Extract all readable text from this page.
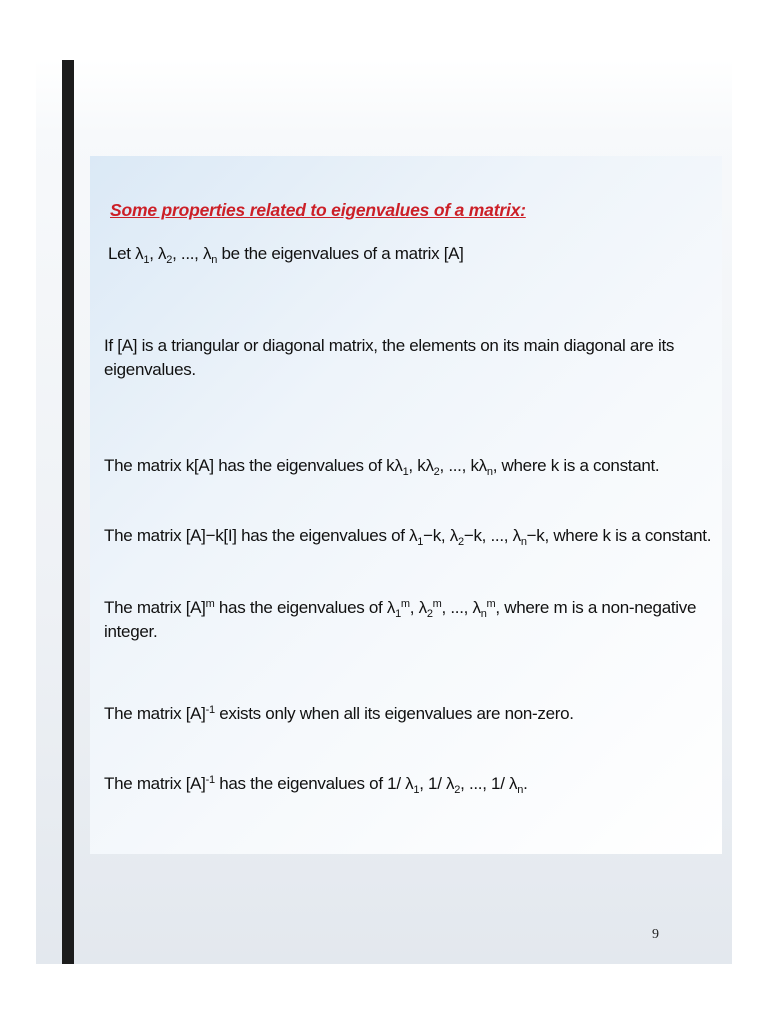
Some properties related to eigenvalues of a matrix:

Let $\lambda_1$, $\lambda_2$, ..., $\lambda_n$ be the eigenvalues of a matrix [A]

If [A] is a triangular or diagonal matrix, the elements on its main diagonal are its eigenvalues.

The matrix k[A] has the eigenvalues of $k\lambda_1$, $k\lambda_2$, ..., $k\lambda_n$, where k is a constant.

The matrix [A]−k[I] has the eigenvalues of $\lambda_1-k$, $\lambda_2-k$, ..., $\lambda_n-k$, where k is a constant.

The matrix $[A]^m$ has the eigenvalues of $\lambda_1^m$, $\lambda_2^m$, ..., $\lambda_n^m$, where m is a non-negative integer.

The matrix $[A]^{-1}$ exists only when all its eigenvalues are non-zero.

The matrix $[A]^{-1}$ has the eigenvalues of 1/ $\lambda_1$, 1/ $\lambda_2$, ..., 1/ $\lambda_n$.

9
